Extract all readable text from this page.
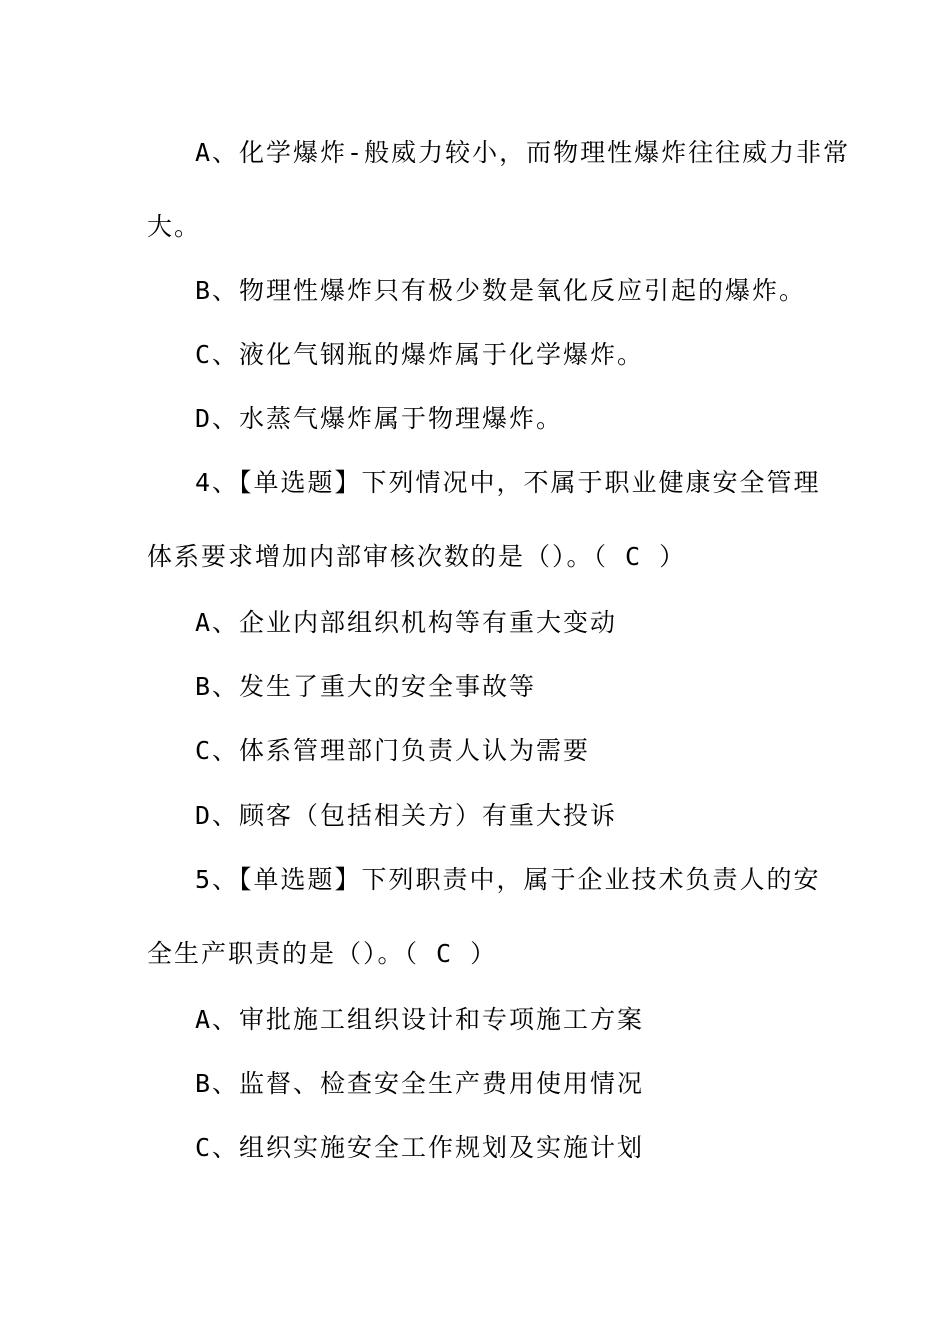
A、化学爆炸-般威力较小，而物理性爆炸往往威力非常
大。
B、物理性爆炸只有极少数是氧化反应引起的爆炸。
C、液化气钢瓶的爆炸属于化学爆炸。
D、水蒸气爆炸属于物理爆炸。
4、【单选题】下列情况中，不属于职业健康安全管理
体系要求增加内部审核次数的是（）。（ C ）
A、企业内部组织机构等有重大变动
B、发生了重大的安全事故等
C、体系管理部门负责人认为需要
D、顾客（包括相关方）有重大投诉
5、【单选题】下列职责中，属于企业技术负责人的安
全生产职责的是（）。（ C ）
A、审批施工组织设计和专项施工方案
B、监督、检查安全生产费用使用情况
C、组织实施安全工作规划及实施计划
